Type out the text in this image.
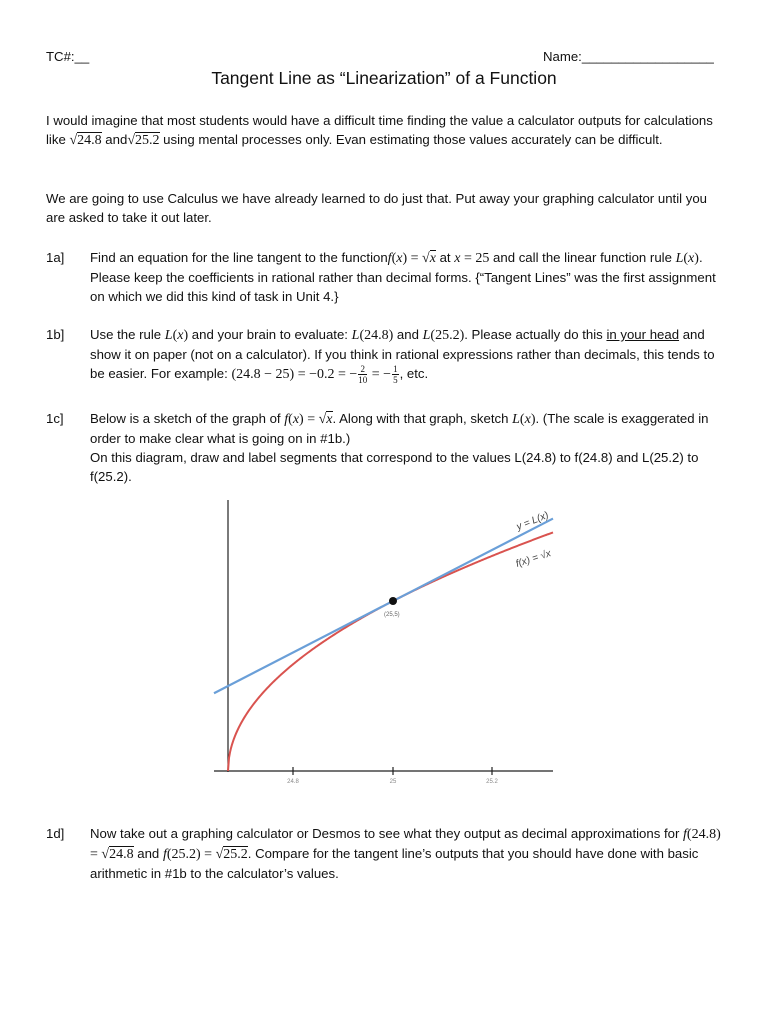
TC#:__	Name:__________________
Tangent Line as “Linearization” of a Function
I would imagine that most students would have a difficult time finding the value a calculator outputs for calculations like √24.8 and√25.2 using mental processes only. Evan estimating those values accurately can be difficult.
We are going to use Calculus we have already learned to do just that. Put away your graphing calculator until you are asked to take it out later.
1a] Find an equation for the line tangent to the functionf(x) = √x at x = 25 and call the linear function rule L(x). Please keep the coefficients in rational rather than decimal forms. {“Tangent Lines” was the first assignment on which we did this kind of task in Unit 4.}
1b] Use the rule L(x) and your brain to evaluate: L(24.8) and L(25.2). Please actually do this in your head and show it on paper (not on a calculator). If you think in rational expressions rather than decimals, this tends to be easier. For example: (24.8 − 25) = −0.2 = − $\frac{2}{10}$ = − $\frac{1}{5}$ , etc.
1c] Below is a sketch of the graph of f(x) = √x. Along with that graph, sketch L(x). (The scale is exaggerated in order to make clear what is going on in #1b.)
On this diagram, draw and label segments that correspond to the values L(24.8) to f(24.8) and L(25.2) to f(25.2).
24.8	25	25.2
(25,5)
y = L(x)
f(x) = √x
1d] Now take out a graphing calculator or Desmos to see what they output as decimal approximations for f(24.8) = √24.8 and f(25.2) = √25.2. Compare for the tangent line’s outputs that you should have done with basic arithmetic in #1b to the calculator’s values.
